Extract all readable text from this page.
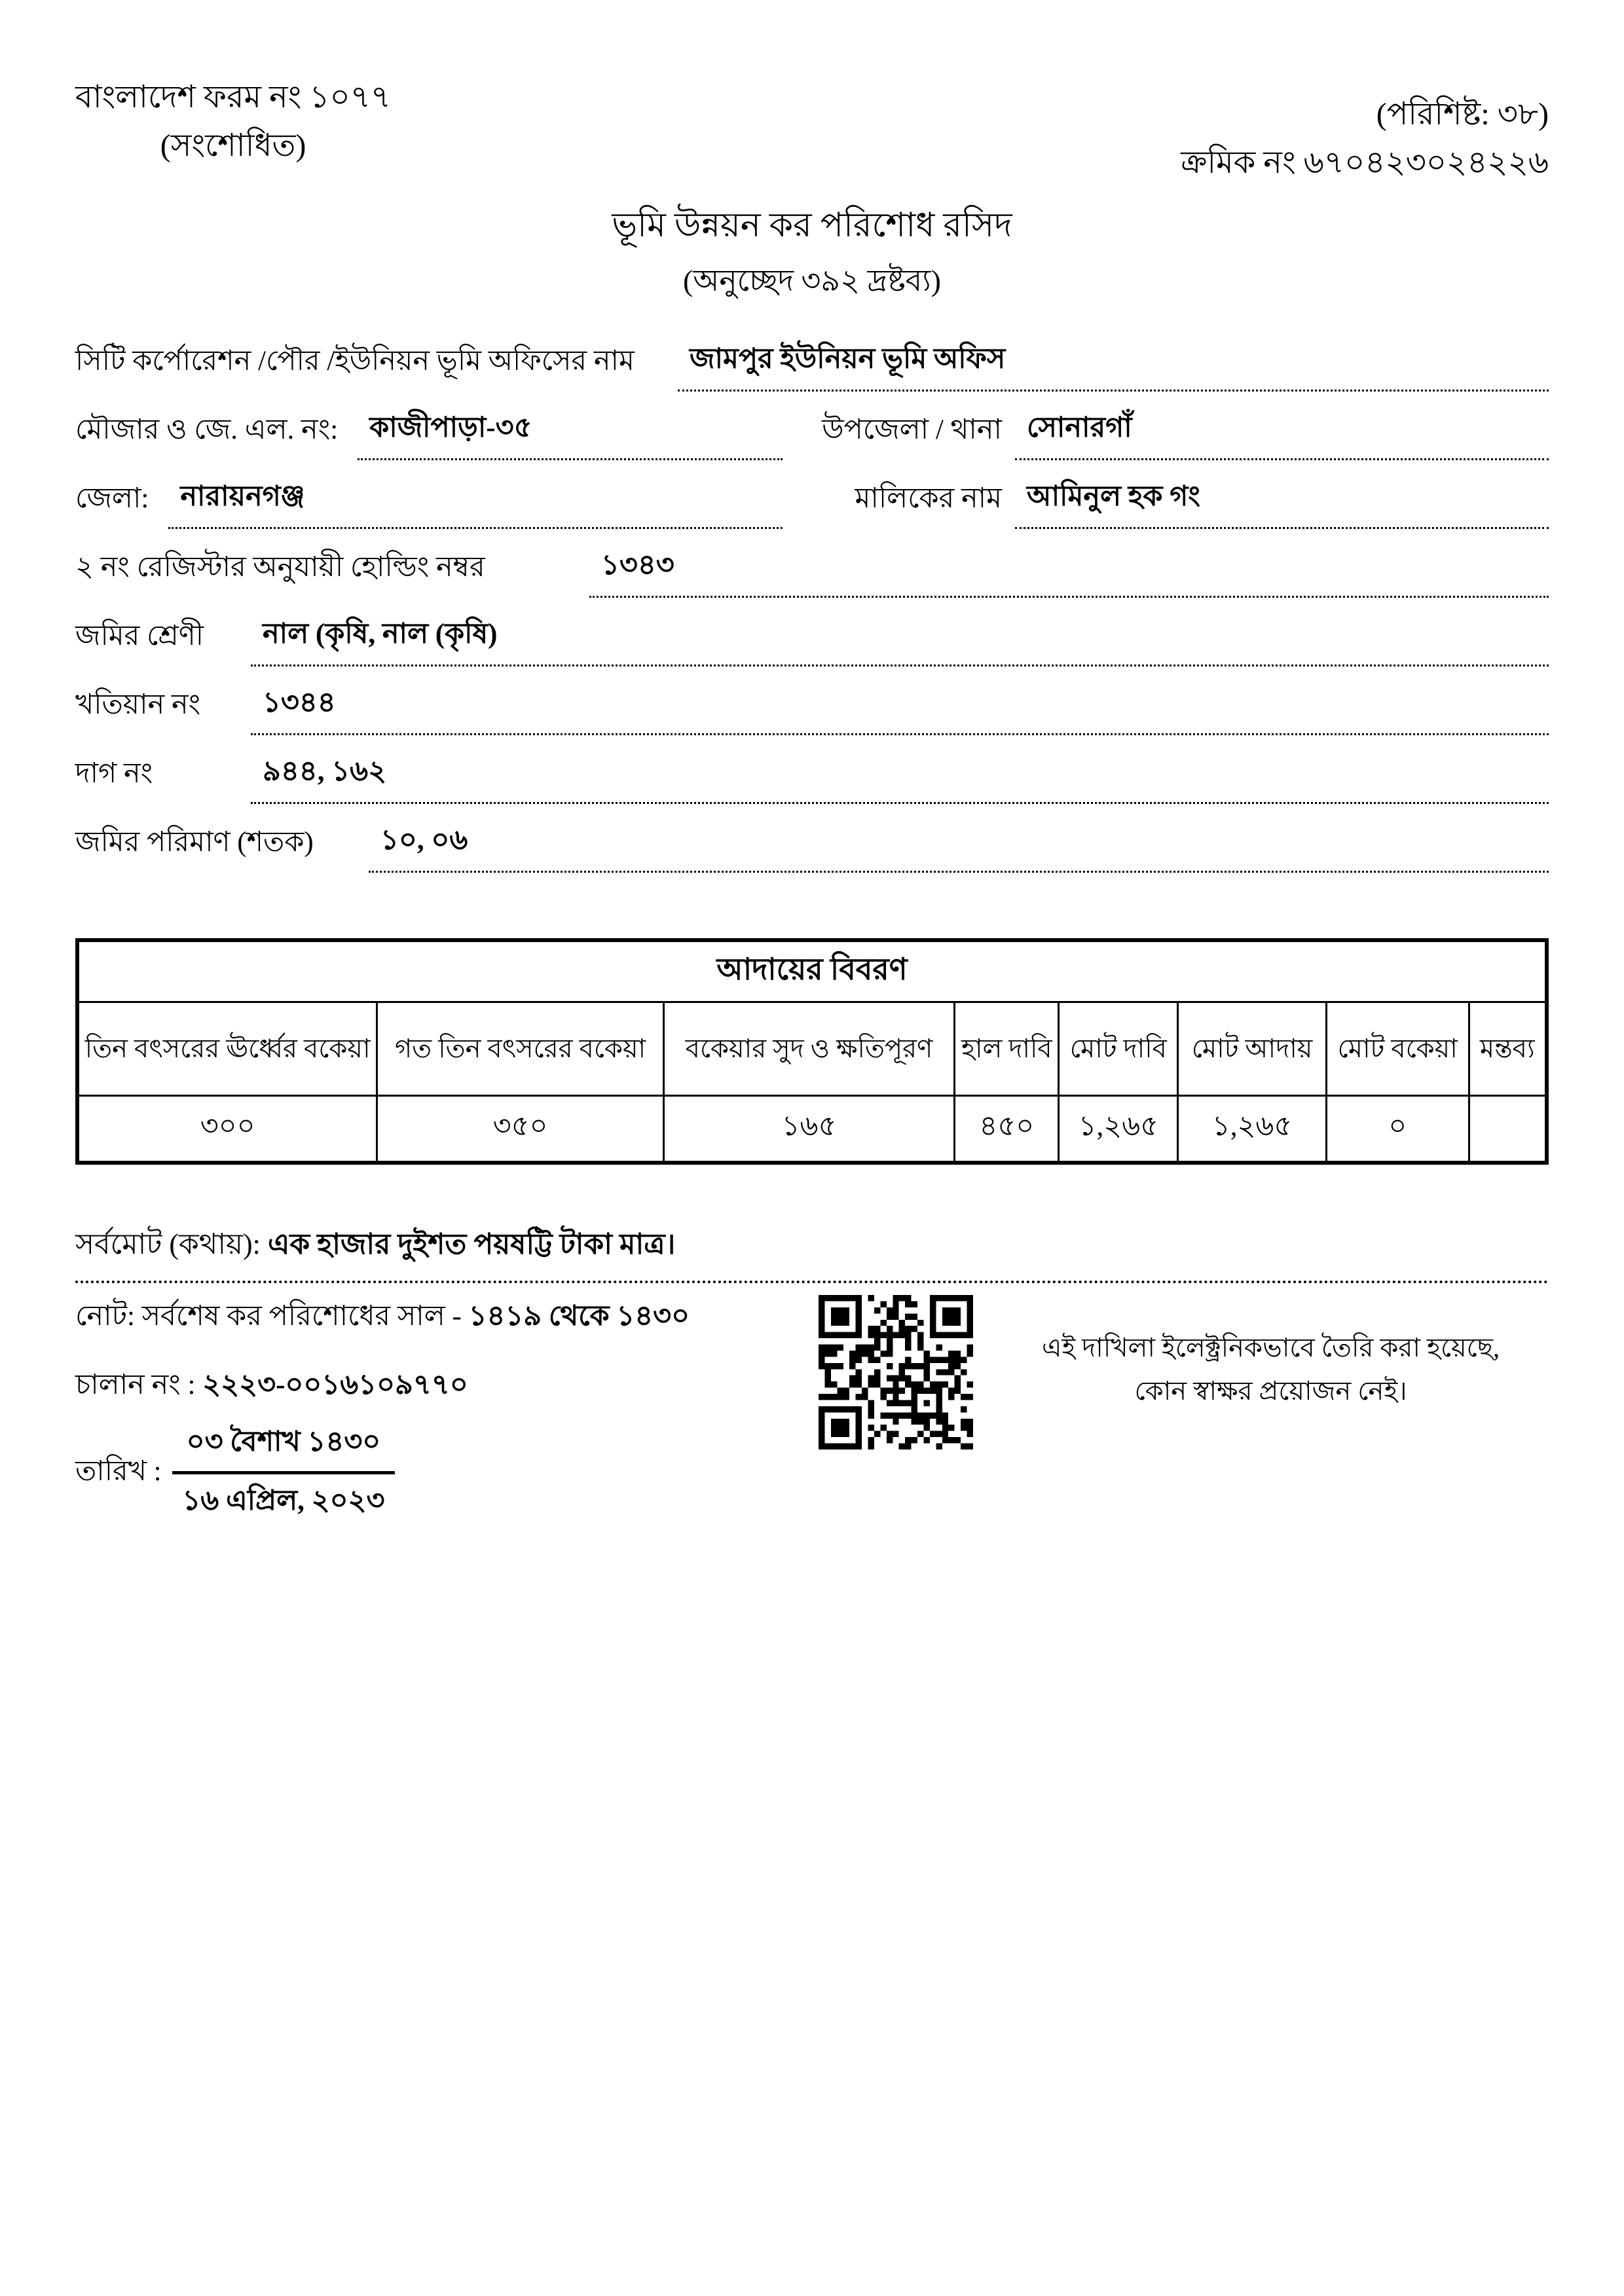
বাংলাদেশ ফরম নং ১০৭৭
(সংশোধিত)
(পরিশিষ্ট: ৩৮)
ক্রমিক নং ৬৭০৪২৩০২৪২২৬
ভূমি উন্নয়ন কর পরিশোধ রসিদ
(অনুচ্ছেদ ৩৯২ দ্রষ্টব্য)
সিটি কর্পোরেশন /পৌর /ইউনিয়ন ভূমি অফিসের নাম	জামপুর ইউনিয়ন ভূমি অফিস
মৌজার ও জে. এল. নং:	কাজীপাড়া-৩৫	উপজেলা / থানা সোনারগাঁ
জেলা:	নারায়নগঞ্জ	মালিকের নাম আমিনুল হক গং
২ নং রেজিস্টার অনুযায়ী হোল্ডিং নম্বর	১৩৪৩
জমির শ্রেণী	নাল (কৃষি, নাল (কৃষি)
খতিয়ান নং	১৩৪৪
দাগ নং	৯৪৪, ১৬২
জমির পরিমাণ (শতক)	১০, ০৬
আদায়ের বিবরণ							
তিন বৎসরের ঊর্ধ্বের বকেয়া	গত তিন বৎসরের বকেয়া	বকেয়ার সুদ ও ক্ষতিপূরণ	হাল দাবি	মোট দাবি	মোট আদায়	মোট বকেয়া	মন্তব্য
৩০০	৩৫০	১৬৫	৪৫০	১,২৬৫	১,২৬৫	০	
সর্বমোট (কথায়): এক হাজার দুইশত পয়ষট্টি টাকা মাত্র।
নোট: সর্বশেষ কর পরিশোধের সাল - ১৪১৯ থেকে ১৪৩০
চালান নং : ২২২৩-০০১৬১০৯৭৭০
তারিখ : $\frac{\text{০৩ বৈশাখ ১৪৩০}}{\text{১৬ এপ্রিল, ২০২৩}}$
এই দাখিলা ইলেক্ট্রনিকভাবে তৈরি করা হয়েছে,
কোন স্বাক্ষর প্রয়োজন নেই।
